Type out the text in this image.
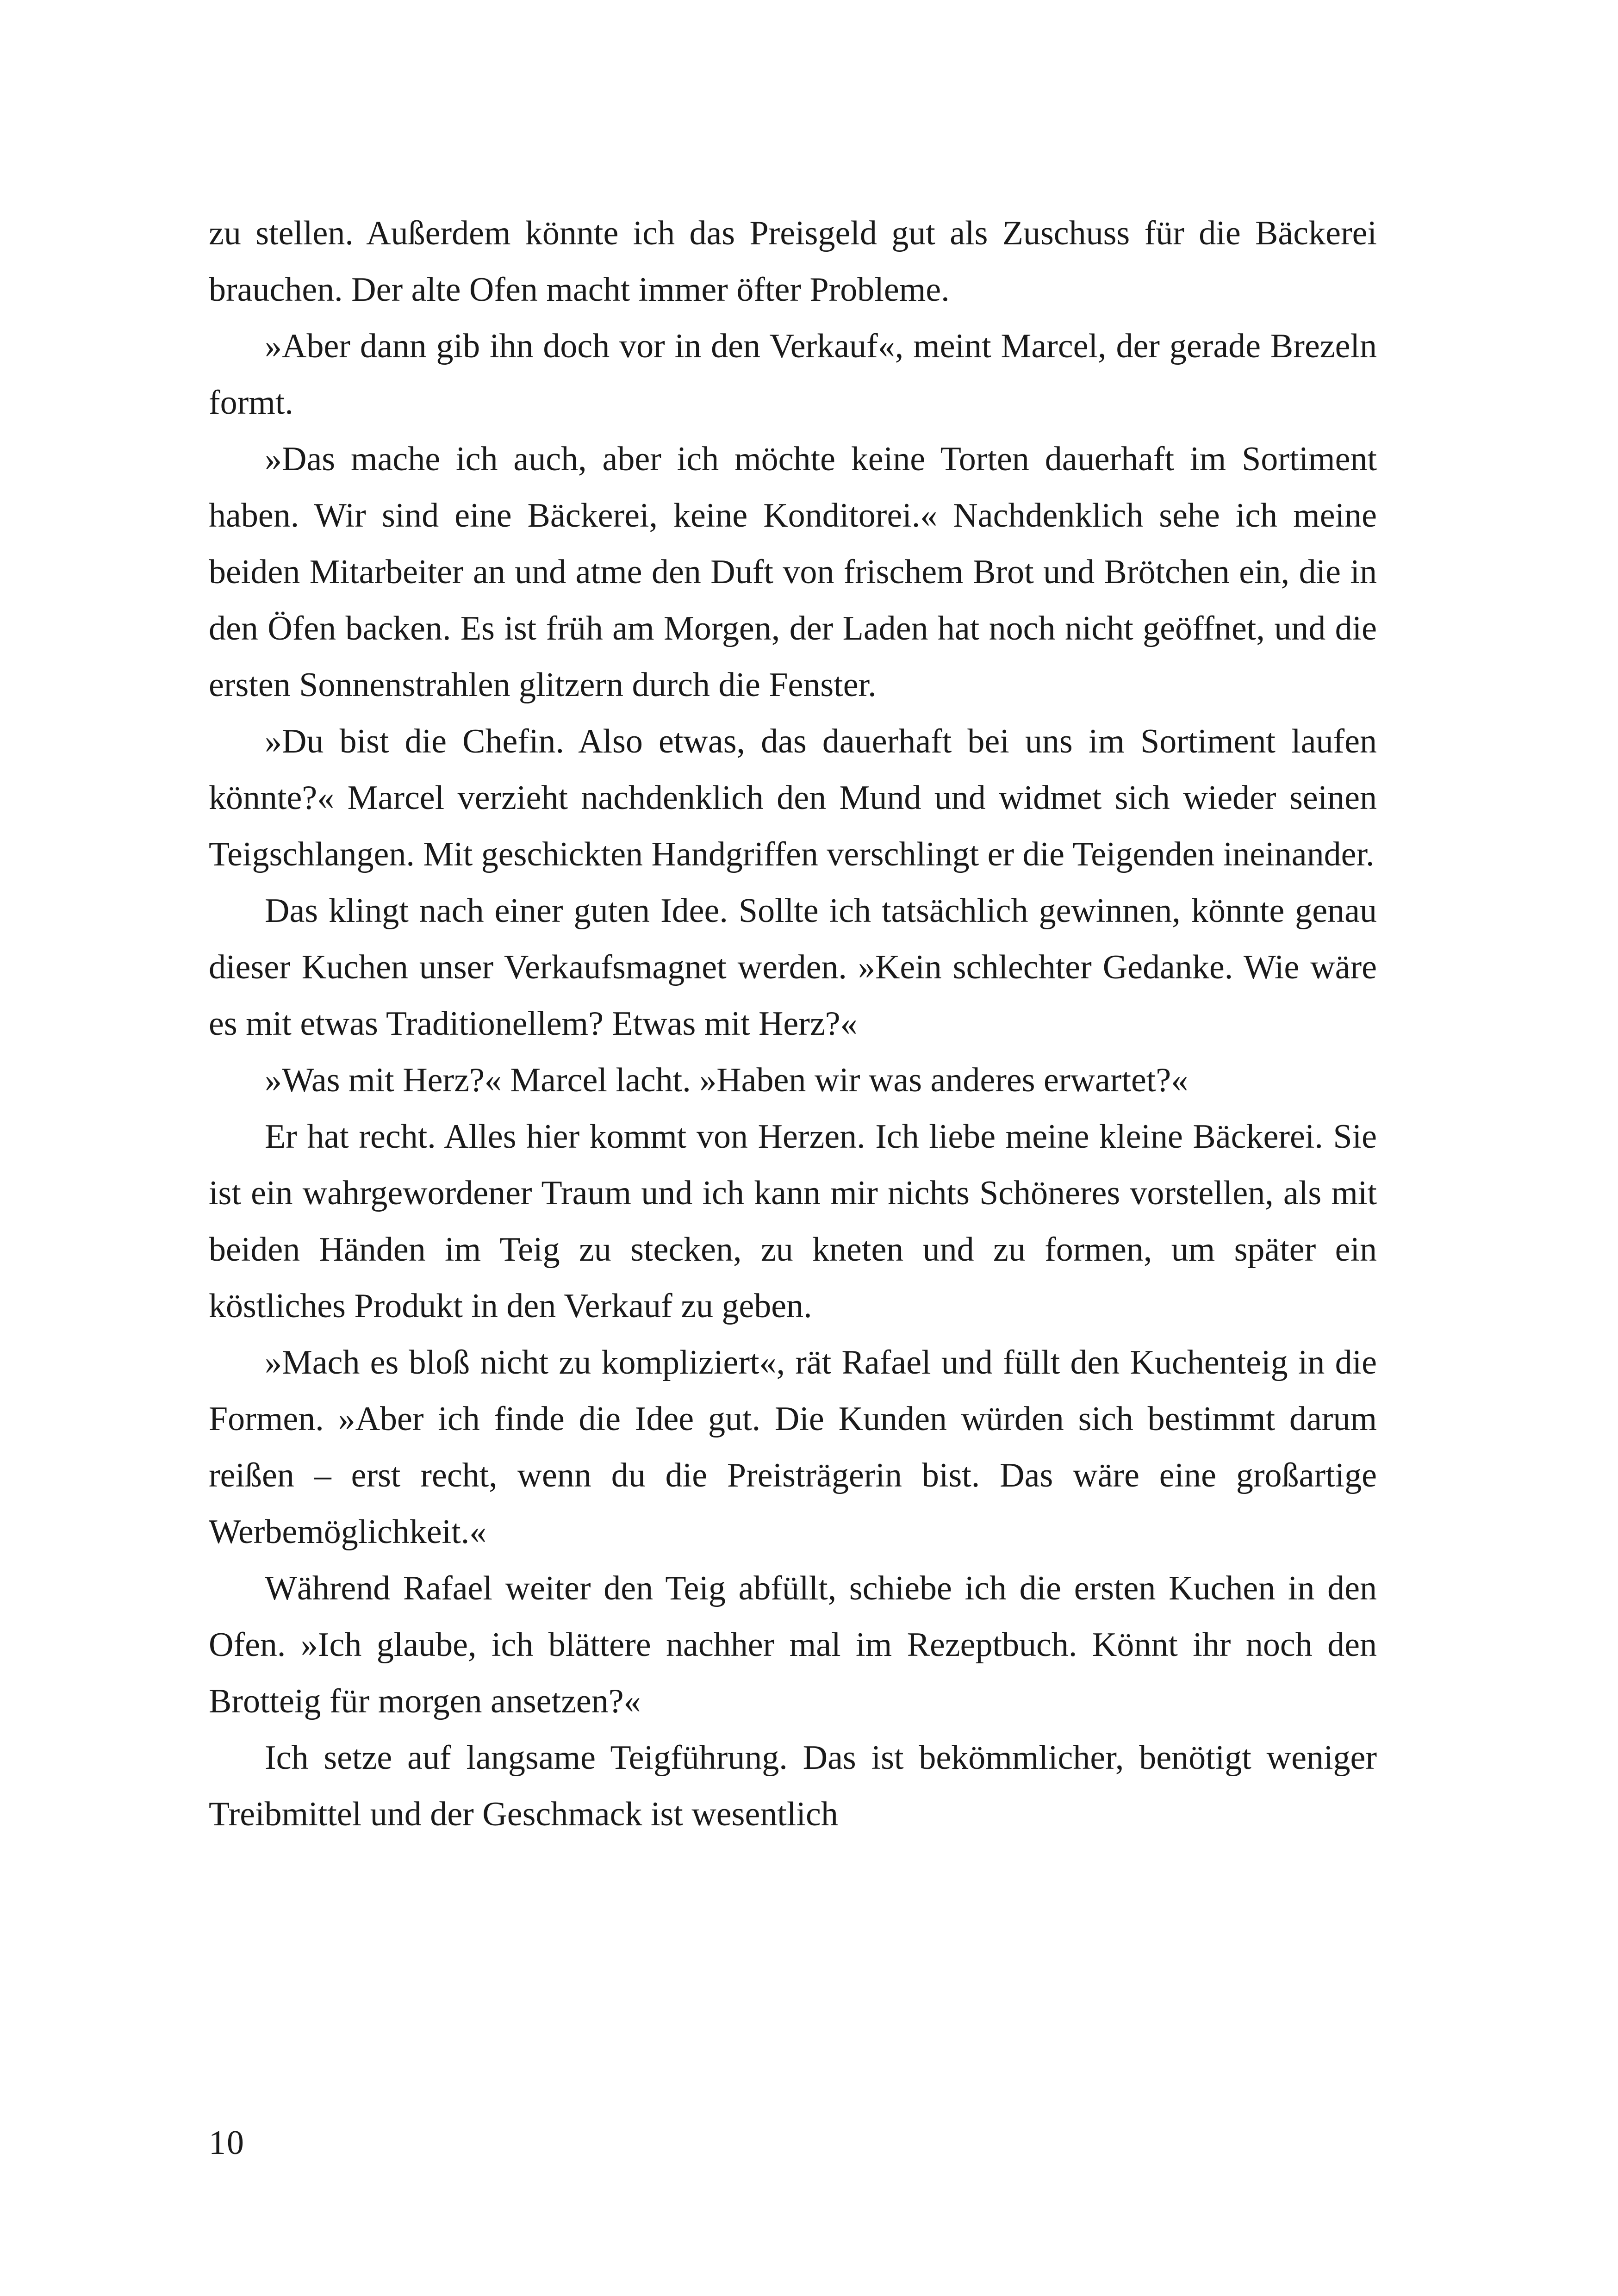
zu stellen. Außerdem könnte ich das Preisgeld gut als Zuschuss für die Bäckerei brauchen. Der alte Ofen macht immer öfter Probleme.

»Aber dann gib ihn doch vor in den Verkauf«, meint Marcel, der gerade Brezeln formt.

»Das mache ich auch, aber ich möchte keine Torten dauerhaft im Sortiment haben. Wir sind eine Bäckerei, keine Konditorei.« Nachdenklich sehe ich meine beiden Mitarbeiter an und atme den Duft von frischem Brot und Brötchen ein, die in den Öfen backen. Es ist früh am Morgen, der Laden hat noch nicht geöffnet, und die ersten Sonnenstrahlen glitzern durch die Fenster.

»Du bist die Chefin. Also etwas, das dauerhaft bei uns im Sortiment laufen könnte?« Marcel verzieht nachdenklich den Mund und widmet sich wieder seinen Teigschlangen. Mit geschickten Handgriffen verschlingt er die Teigenden ineinander.

Das klingt nach einer guten Idee. Sollte ich tatsächlich gewinnen, könnte genau dieser Kuchen unser Verkaufsmagnet werden. »Kein schlechter Gedanke. Wie wäre es mit etwas Traditionellem? Etwas mit Herz?«

»Was mit Herz?« Marcel lacht. »Haben wir was anderes erwartet?«

Er hat recht. Alles hier kommt von Herzen. Ich liebe meine kleine Bäckerei. Sie ist ein wahrgewordener Traum und ich kann mir nichts Schöneres vorstellen, als mit beiden Händen im Teig zu stecken, zu kneten und zu formen, um später ein köstliches Produkt in den Verkauf zu geben.

»Mach es bloß nicht zu kompliziert«, rät Rafael und füllt den Kuchenteig in die Formen. »Aber ich finde die Idee gut. Die Kunden würden sich bestimmt darum reißen – erst recht, wenn du die Preisträgerin bist. Das wäre eine großartige Werbemöglichkeit.«

Während Rafael weiter den Teig abfüllt, schiebe ich die ersten Kuchen in den Ofen. »Ich glaube, ich blättere nachher mal im Rezeptbuch. Könnt ihr noch den Brotteig für morgen ansetzen?«

Ich setze auf langsame Teigführung. Das ist bekömmlicher, benötigt weniger Treibmittel und der Geschmack ist wesentlich

10
